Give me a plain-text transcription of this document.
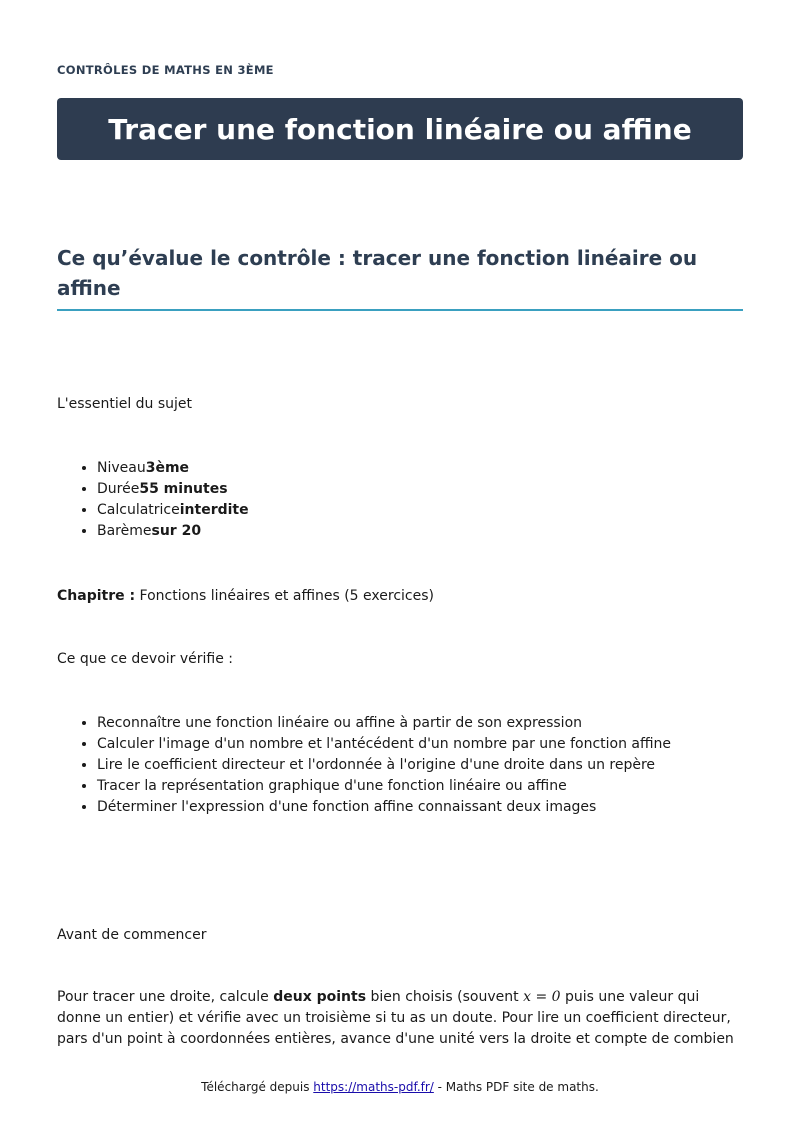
CONTRÔLES DE MATHS EN 3ÈME
Tracer une fonction linéaire ou affine
Ce qu’évalue le contrôle : tracer une fonction linéaire ou affine

L'essentiel du sujet

• Niveau3ème
• Durée55 minutes
• Calculatriceinterdite
• Barèmesur 20

Chapitre : Fonctions linéaires et affines (5 exercices)

Ce que ce devoir vérifie :

• Reconnaître une fonction linéaire ou affine à partir de son expression
• Calculer l'image d'un nombre et l'antécédent d'un nombre par une fonction affine
• Lire le coefficient directeur et l'ordonnée à l'origine d'une droite dans un repère
• Tracer la représentation graphique d'une fonction linéaire ou affine
• Déterminer l'expression d'une fonction affine connaissant deux images

Avant de commencer

Pour tracer une droite, calcule deux points bien choisis (souvent x = 0 puis une valeur qui donne un entier) et vérifie avec un troisième si tu as un doute. Pour lire un coefficient directeur, pars d'un point à coordonnées entières, avance d'une unité vers la droite et compte de combien

Téléchargé depuis https://maths-pdf.fr/ - Maths PDF site de maths.
